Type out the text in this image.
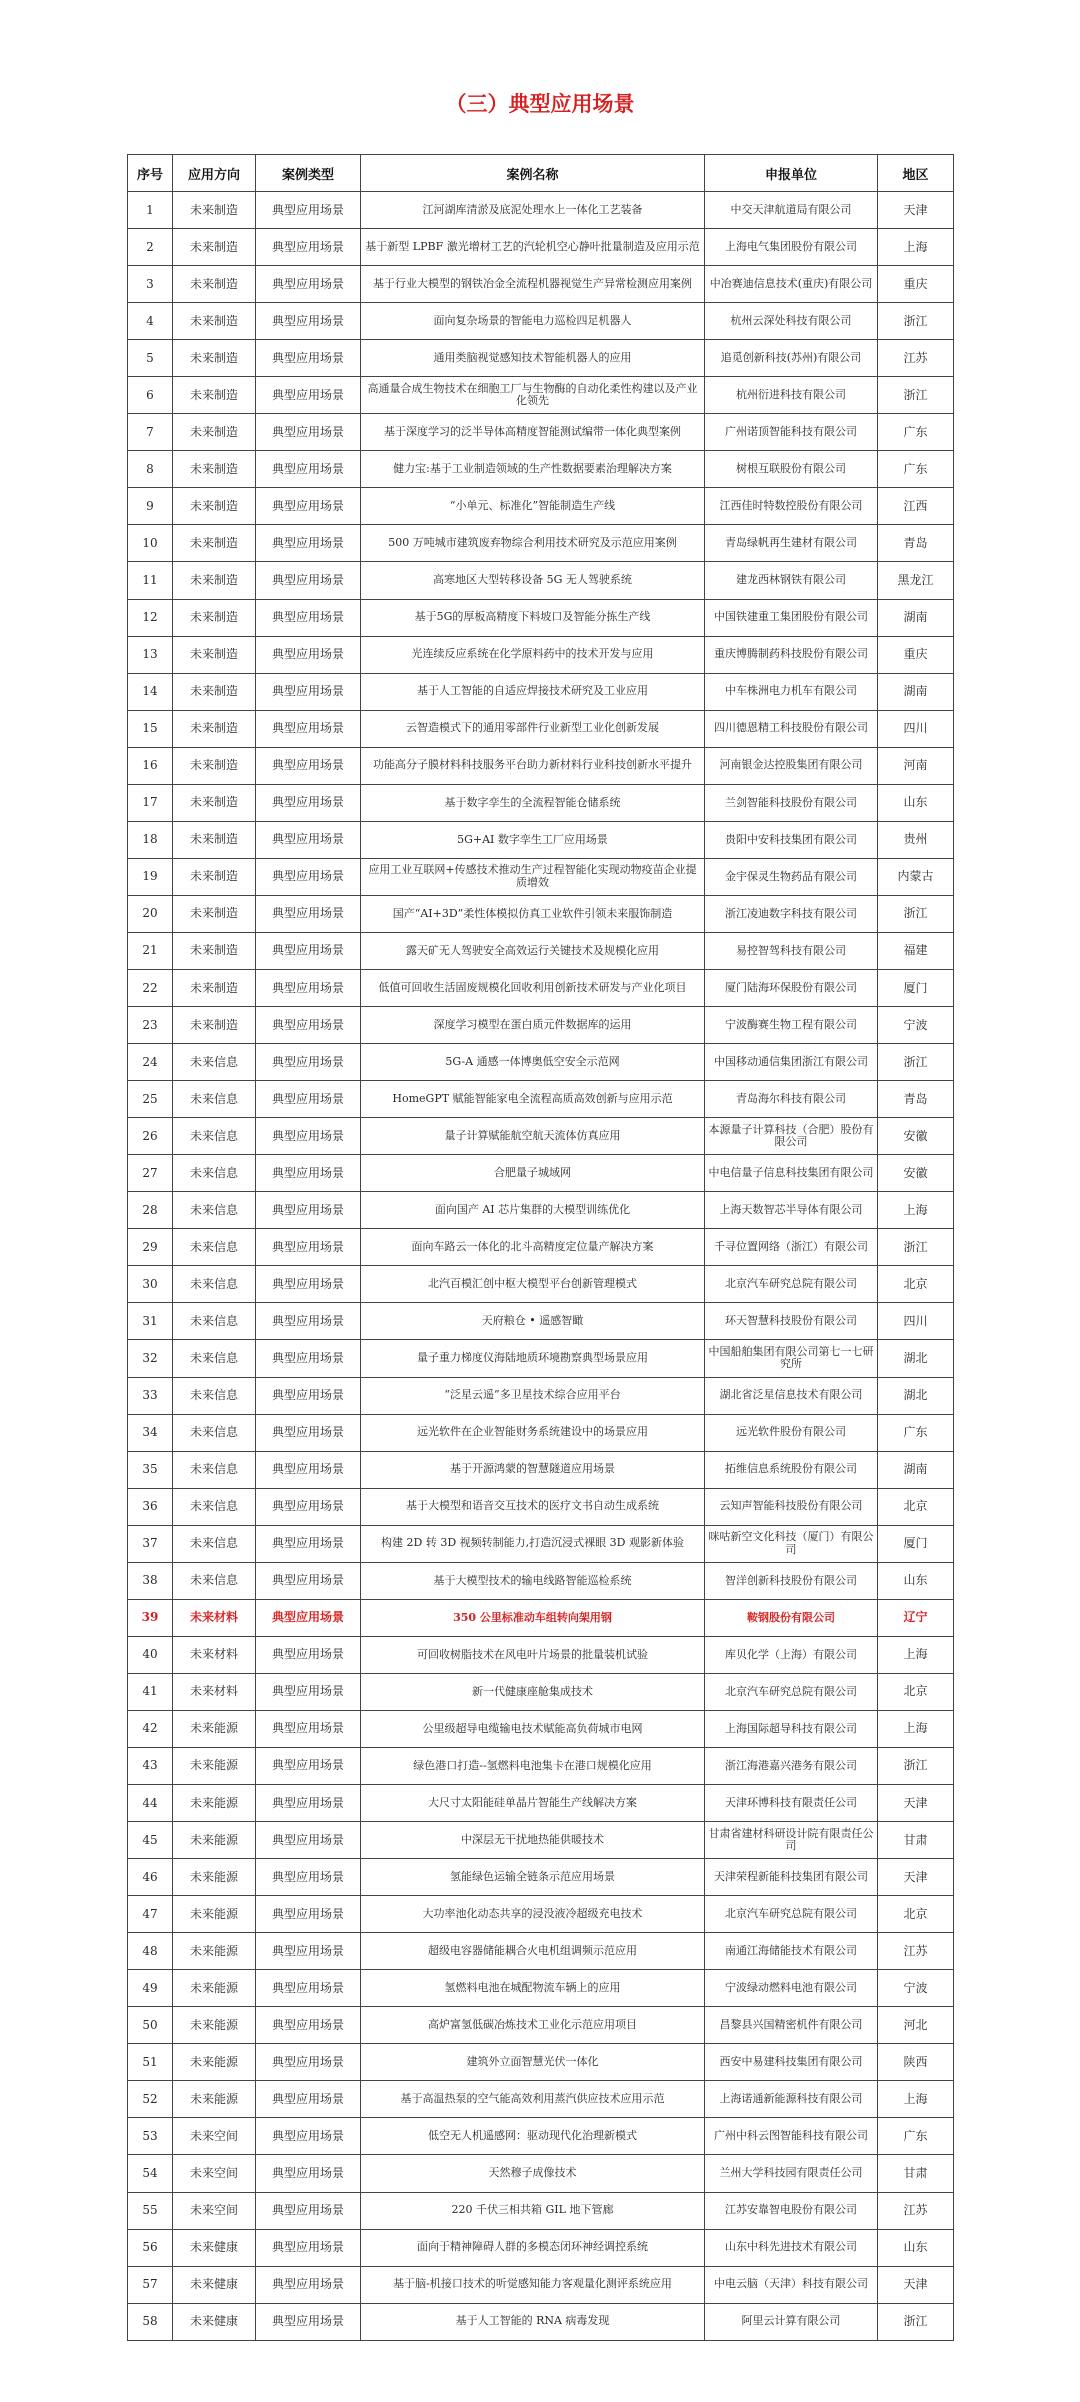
（三）典型应用场景
序号	应用方向	案例类型	案例名称	申报单位	地区
1	未来制造	典型应用场景	江河湖库清淤及底泥处理水上一体化工艺装备	中交天津航道局有限公司	天津
2	未来制造	典型应用场景	基于新型 LPBF 激光增材工艺的汽轮机空心静叶批量制造及应用示范	上海电气集团股份有限公司	上海
3	未来制造	典型应用场景	基于行业大模型的钢铁冶金全流程机器视觉生产异常检测应用案例	中冶赛迪信息技术(重庆)有限公司	重庆
4	未来制造	典型应用场景	面向复杂场景的智能电力巡检四足机器人	杭州云深处科技有限公司	浙江
5	未来制造	典型应用场景	通用类脑视觉感知技术智能机器人的应用	追觅创新科技(苏州)有限公司	江苏
6	未来制造	典型应用场景	高通量合成生物技术在细胞工厂与生物酶的自动化柔性构建以及产业化领先	杭州衍进科技有限公司	浙江
7	未来制造	典型应用场景	基于深度学习的泛半导体高精度智能测试编带一体化典型案例	广州诺顶智能科技有限公司	广东
8	未来制造	典型应用场景	健力宝:基于工业制造领域的生产性数据要素治理解决方案	树根互联股份有限公司	广东
9	未来制造	典型应用场景	“小单元、标准化”智能制造生产线	江西佳时特数控股份有限公司	江西
10	未来制造	典型应用场景	500 万吨城市建筑废弃物综合利用技术研究及示范应用案例	青岛绿帆再生建材有限公司	青岛
11	未来制造	典型应用场景	高寒地区大型转移设备 5G 无人驾驶系统	建龙西林钢铁有限公司	黑龙江
12	未来制造	典型应用场景	基于5G的厚板高精度下料坡口及智能分拣生产线	中国铁建重工集团股份有限公司	湖南
13	未来制造	典型应用场景	光连续反应系统在化学原料药中的技术开发与应用	重庆博腾制药科技股份有限公司	重庆
14	未来制造	典型应用场景	基于人工智能的自适应焊接技术研究及工业应用	中车株洲电力机车有限公司	湖南
15	未来制造	典型应用场景	云智造模式下的通用零部件行业新型工业化创新发展	四川德恩精工科技股份有限公司	四川
16	未来制造	典型应用场景	功能高分子膜材料科技服务平台助力新材料行业科技创新水平提升	河南银金达控股集团有限公司	河南
17	未来制造	典型应用场景	基于数字孪生的全流程智能仓储系统	兰剑智能科技股份有限公司	山东
18	未来制造	典型应用场景	5G+AI 数字孪生工厂应用场景	贵阳中安科技集团有限公司	贵州
19	未来制造	典型应用场景	应用工业互联网+传感技术推动生产过程智能化实现动物疫苗企业提质增效	金宇保灵生物药品有限公司	内蒙古
20	未来制造	典型应用场景	国产“AI+3D”柔性体模拟仿真工业软件引领未来服饰制造	浙江凌迪数字科技有限公司	浙江
21	未来制造	典型应用场景	露天矿无人驾驶安全高效运行关键技术及规模化应用	易控智驾科技有限公司	福建
22	未来制造	典型应用场景	低值可回收生活固废规模化回收利用创新技术研发与产业化项目	厦门陆海环保股份有限公司	厦门
23	未来制造	典型应用场景	深度学习模型在蛋白质元件数据库的运用	宁波酶赛生物工程有限公司	宁波
24	未来信息	典型应用场景	5G-A 通感一体博奥低空安全示范网	中国移动通信集团浙江有限公司	浙江
25	未来信息	典型应用场景	HomeGPT 赋能智能家电全流程高质高效创新与应用示范	青岛海尔科技有限公司	青岛
26	未来信息	典型应用场景	量子计算赋能航空航天流体仿真应用	本源量子计算科技（合肥）股份有限公司	安徽
27	未来信息	典型应用场景	合肥量子城域网	中电信量子信息科技集团有限公司	安徽
28	未来信息	典型应用场景	面向国产 AI 芯片集群的大模型训练优化	上海天数智芯半导体有限公司	上海
29	未来信息	典型应用场景	面向车路云一体化的北斗高精度定位量产解决方案	千寻位置网络（浙江）有限公司	浙江
30	未来信息	典型应用场景	北汽百模汇创中枢大模型平台创新管理模式	北京汽车研究总院有限公司	北京
31	未来信息	典型应用场景	天府粮仓 • 遥感智瞰	环天智慧科技股份有限公司	四川
32	未来信息	典型应用场景	量子重力梯度仪海陆地质环境勘察典型场景应用	中国船舶集团有限公司第七一七研究所	湖北
33	未来信息	典型应用场景	“泛星云遥”多卫星技术综合应用平台	湖北省泛星信息技术有限公司	湖北
34	未来信息	典型应用场景	远光软件在企业智能财务系统建设中的场景应用	远光软件股份有限公司	广东
35	未来信息	典型应用场景	基于开源鸿蒙的智慧隧道应用场景	拓维信息系统股份有限公司	湖南
36	未来信息	典型应用场景	基于大模型和语音交互技术的医疗文书自动生成系统	云知声智能科技股份有限公司	北京
37	未来信息	典型应用场景	构建 2D 转 3D 视频转制能力,打造沉浸式裸眼 3D 观影新体验	咪咕新空文化科技（厦门）有限公司	厦门
38	未来信息	典型应用场景	基于大模型技术的输电线路智能巡检系统	智洋创新科技股份有限公司	山东
39	未来材料	典型应用场景	350 公里标准动车组转向架用钢	鞍钢股份有限公司	辽宁
40	未来材料	典型应用场景	可回收树脂技术在风电叶片场景的批量装机试验	库贝化学（上海）有限公司	上海
41	未来材料	典型应用场景	新一代健康座舱集成技术	北京汽车研究总院有限公司	北京
42	未来能源	典型应用场景	公里级超导电缆输电技术赋能高负荷城市电网	上海国际超导科技有限公司	上海
43	未来能源	典型应用场景	绿色港口打造--氢燃料电池集卡在港口规模化应用	浙江海港嘉兴港务有限公司	浙江
44	未来能源	典型应用场景	大尺寸太阳能硅单晶片智能生产线解决方案	天津环博科技有限责任公司	天津
45	未来能源	典型应用场景	中深层无干扰地热能供暖技术	甘肃省建材科研设计院有限责任公司	甘肃
46	未来能源	典型应用场景	氢能绿色运输全链条示范应用场景	天津荣程新能科技集团有限公司	天津
47	未来能源	典型应用场景	大功率池化动态共享的浸没液冷超级充电技术	北京汽车研究总院有限公司	北京
48	未来能源	典型应用场景	超级电容器储能耦合火电机组调频示范应用	南通江海储能技术有限公司	江苏
49	未来能源	典型应用场景	氢燃料电池在城配物流车辆上的应用	宁波绿动燃料电池有限公司	宁波
50	未来能源	典型应用场景	高炉富氢低碳冶炼技术工业化示范应用项目	昌黎县兴国精密机件有限公司	河北
51	未来能源	典型应用场景	建筑外立面智慧光伏一体化	西安中易建科技集团有限公司	陕西
52	未来能源	典型应用场景	基于高温热泵的空气能高效利用蒸汽供应技术应用示范	上海诺通新能源科技有限公司	上海
53	未来空间	典型应用场景	低空无人机遥感网：驱动现代化治理新模式	广州中科云图智能科技有限公司	广东
54	未来空间	典型应用场景	天然穆子成像技术	兰州大学科技园有限责任公司	甘肃
55	未来空间	典型应用场景	220 千伏三相共箱 GIL 地下管廊	江苏安靠智电股份有限公司	江苏
56	未来健康	典型应用场景	面向于精神障碍人群的多模态闭环神经调控系统	山东中科先进技术有限公司	山东
57	未来健康	典型应用场景	基于脑-机接口技术的听觉感知能力客观量化测评系统应用	中电云脑（天津）科技有限公司	天津
58	未来健康	典型应用场景	基于人工智能的 RNA 病毒发现	阿里云计算有限公司	浙江
